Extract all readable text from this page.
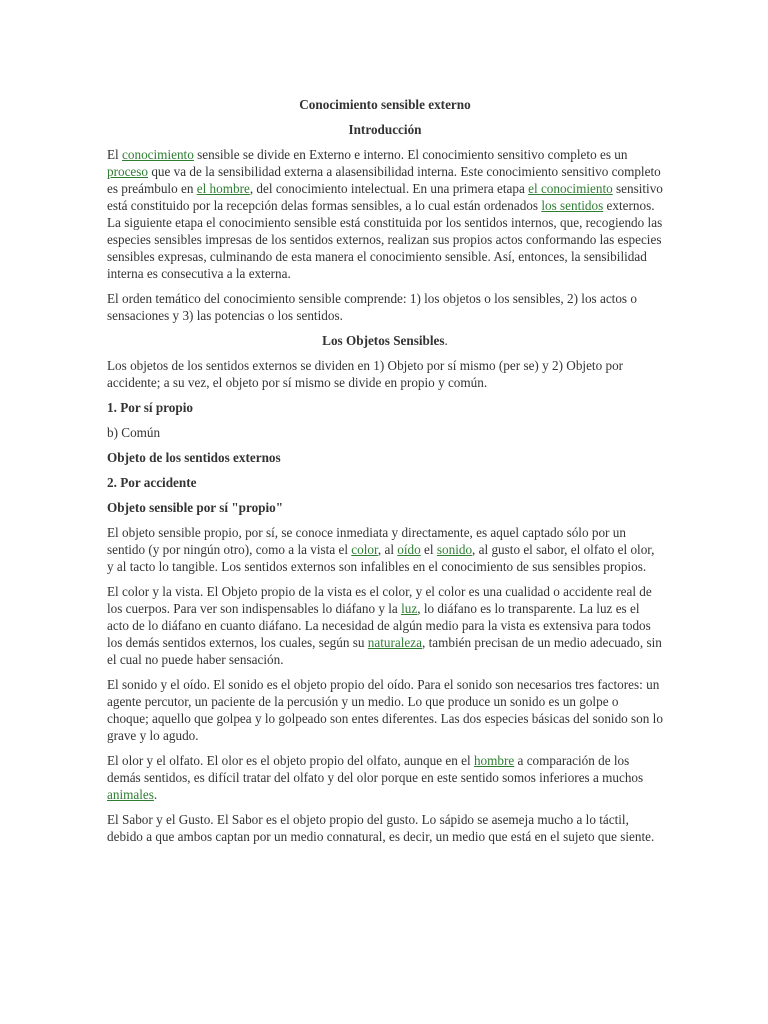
Conocimiento sensible externo
Introducción

El conocimiento sensible se divide en Externo e interno. El conocimiento sensitivo completo es un proceso que va de la sensibilidad externa a alasensibilidad interna. Este conocimiento sensitivo completo es preámbulo en el hombre, del conocimiento intelectual. En una primera etapa el conocimiento sensitivo está constituido por la recepción delas formas sensibles, a lo cual están ordenados los sentidos externos. La siguiente etapa el conocimiento sensible está constituida por los sentidos internos, que, recogiendo las especies sensibles impresas de los sentidos externos, realizan sus propios actos conformando las especies sensibles expresas, culminando de esta manera el conocimiento sensible. Así, entonces, la sensibilidad interna es consecutiva a la externa.

El orden temático del conocimiento sensible comprende: 1) los objetos o los sensibles, 2) los actos o sensaciones y 3) las potencias o los sentidos.

Los Objetos Sensibles.

Los objetos de los sentidos externos se dividen en 1) Objeto por sí mismo (per se) y 2) Objeto por accidente; a su vez, el objeto por sí mismo se divide en propio y común.

1. Por sí propio

b) Común

Objeto de los sentidos externos

2. Por accidente

Objeto sensible por sí "propio"

El objeto sensible propio, por sí, se conoce inmediata y directamente, es aquel captado sólo por un sentido (y por ningún otro), como a la vista el color, al oído el sonido, al gusto el sabor, el olfato el olor, y al tacto lo tangible. Los sentidos externos son infalibles en el conocimiento de sus sensibles propios.

El color y la vista. El Objeto propio de la vista es el color, y el color es una cualidad o accidente real de los cuerpos. Para ver son indispensables lo diáfano y la luz, lo diáfano es lo transparente. La luz es el acto de lo diáfano en cuanto diáfano. La necesidad de algún medio para la vista es extensiva para todos los demás sentidos externos, los cuales, según su naturaleza, también precisan de un medio adecuado, sin el cual no puede haber sensación.

El sonido y el oído. El sonido es el objeto propio del oído. Para el sonido son necesarios tres factores: un agente percutor, un paciente de la percusión y un medio. Lo que produce un sonido es un golpe o choque; aquello que golpea y lo golpeado son entes diferentes. Las dos especies básicas del sonido son lo grave y lo agudo.

El olor y el olfato. El olor es el objeto propio del olfato, aunque en el hombre a comparación de los demás sentidos, es difícil tratar del olfato y del olor porque en este sentido somos inferiores a muchos animales.

El Sabor y el Gusto. El Sabor es el objeto propio del gusto. Lo sápido se asemeja mucho a lo táctil, debido a que ambos captan por un medio connatural, es decir, un medio que está en el sujeto que siente.
